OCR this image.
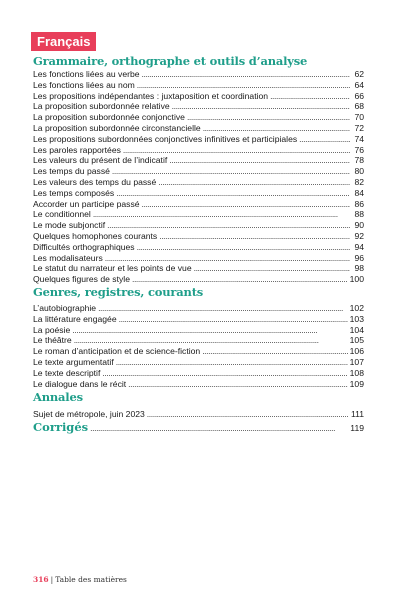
Français
Grammaire, orthographe et outils d’analyse
Les fonctions liées au verbe . . .	62
Les fonctions liées au nom . . .	64
Les propositions indépendantes : juxtaposition et coordination . . .	66
La proposition subordonnée relative . . .	68
La proposition subordonnée conjonctive . . .	70
La proposition subordonnée circonstancielle . . .	72
Les propositions subordonnées conjonctives infinitives et participiales . . .	74
Les paroles rapportées . . .	76
Les valeurs du présent de l’indicatif . . .	78
Les temps du passé . . .	80
Les valeurs des temps du passé . . .	82
Les temps composés . . .	84
Accorder un participe passé . . .	86
Le conditionnel . . .	88
Le mode subjonctif . . .	90
Quelques homophones courants . . .	92
Difficultés orthographiques . . .	94
Les modalisateurs . . .	96
Le statut du narrateur et les points de vue . . .	98
Quelques figures de style . . .	100
Genres, registres, courants
L’autobiographie . . .	102
La littérature engagée . . .	103
La poésie . . .	104
Le théâtre . . .	105
Le roman d’anticipation et de science-fiction . . .	106
Le texte argumentatif . . .	107
Le texte descriptif . . .	108
Le dialogue dans le récit . . .	109
Annales
Sujet de métropole, juin 2023 . . .	111
Corrigés . . .	119
316 | Table des matières
